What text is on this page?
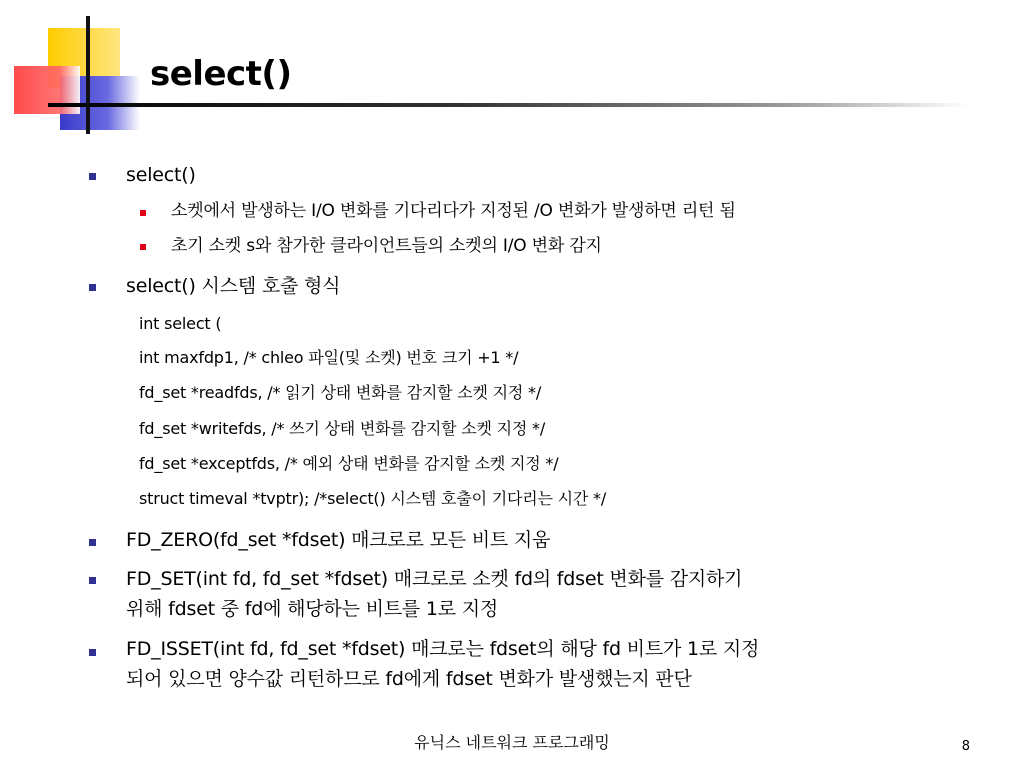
select()
select()
소켓에서 발생하는 I/O 변화를 기다리다가 지정된 /O 변화가 발생하면 리턴 됨
초기 소켓 s와 참가한 클라이언트들의 소켓의 I/O 변화 감지
select() 시스템 호출 형식
int select (
int maxfdp1, /* chleo 파일(및 소켓) 번호 크기 +1 */
fd_set *readfds, /* 읽기 상태 변화를 감지할 소켓 지정 */
fd_set *writefds, /* 쓰기 상태 변화를 감지할 소켓 지정 */
fd_set *exceptfds, /* 예외 상태 변화를 감지할 소켓 지정 */
struct timeval *tvptr); /*select() 시스템 호출이 기다리는 시간 */
FD_ZERO(fd_set *fdset) 매크로로 모든 비트 지움
FD_SET(int fd, fd_set *fdset) 매크로로 소켓 fd의 fdset 변화를 감지하기
위해 fdset 중 fd에 해당하는 비트를 1로 지정
FD_ISSET(int fd, fd_set *fdset) 매크로는 fdset의 해당 fd 비트가 1로 지정
되어 있으면 양수값 리턴하므로 fd에게 fdset 변화가 발생했는지 판단
유닉스 네트워크 프로그래밍	8
